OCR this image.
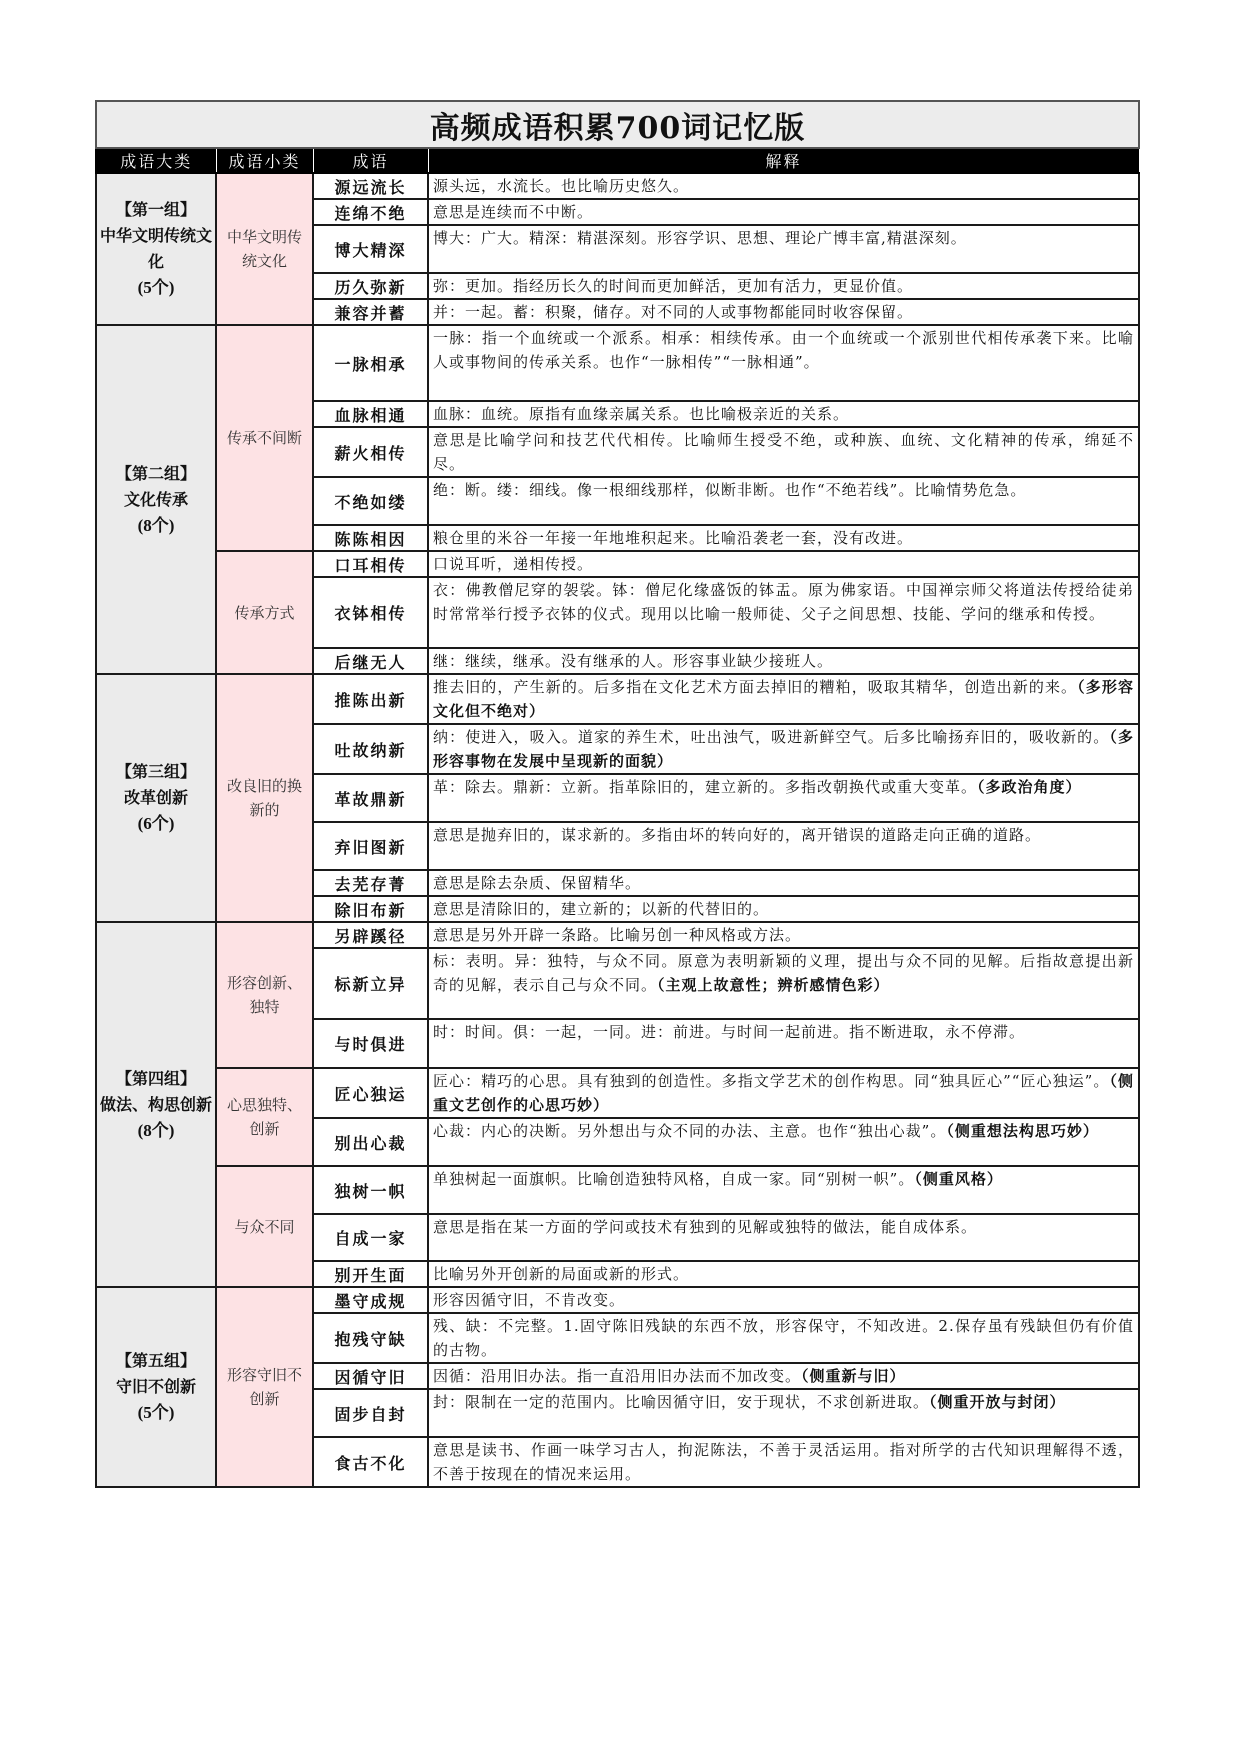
高频成语积累700词记忆版			
成语大类	成语小类	成语	解释

【第一组】
中华文明传统文化
(5个)	中华文明传统文化	源远流长	源头远，水流长。也比喻历史悠久。
		连绵不绝	意思是连续而不中断。
		博大精深	博大：广大。精深：精湛深刻。形容学识、思想、理论广博丰富,精湛深刻。
		历久弥新	弥：更加。指经历长久的时间而更加鲜活，更加有活力，更显价值。
		兼容并蓄	并：一起。蓄：积聚，储存。对不同的人或事物都能同时收容保留。

【第二组】
文化传承
(8个)	传承不间断	一脉相承	一脉：指一个血统或一个派系。相承：相续传承。由一个血统或一个派别世代相传承袭下来。比喻人或事物间的传承关系。也作“一脉相传”“一脉相通”。
		血脉相通	血脉：血统。原指有血缘亲属关系。也比喻极亲近的关系。
		薪火相传	意思是比喻学问和技艺代代相传。比喻师生授受不绝，或种族、血统、文化精神的传承，绵延不尽。
		不绝如缕	绝：断。缕：细线。像一根细线那样，似断非断。也作“不绝若线”。比喻情势危急。
		陈陈相因	粮仓里的米谷一年接一年地堆积起来。比喻沿袭老一套，没有改进。
	传承方式	口耳相传	口说耳听，递相传授。
		衣钵相传	衣：佛教僧尼穿的袈裟。钵：僧尼化缘盛饭的钵盂。原为佛家语。中国禅宗师父将道法传授给徒弟时常常举行授予衣钵的仪式。现用以比喻一般师徒、父子之间思想、技能、学问的继承和传授。
		后继无人	继：继续，继承。没有继承的人。形容事业缺少接班人。

【第三组】
改革创新
(6个)	改良旧的换新的	推陈出新	推去旧的，产生新的。后多指在文化艺术方面去掉旧的糟粕，吸取其精华，创造出新的来。（多形容文化但不绝对）
		吐故纳新	纳：使进入，吸入。道家的养生术，吐出浊气，吸进新鲜空气。后多比喻扬弃旧的，吸收新的。（多形容事物在发展中呈现新的面貌）
		革故鼎新	革：除去。鼎新：立新。指革除旧的，建立新的。多指改朝换代或重大变革。（多政治角度）
		弃旧图新	意思是抛弃旧的，谋求新的。多指由坏的转向好的，离开错误的道路走向正确的道路。
		去芜存菁	意思是除去杂质、保留精华。
		除旧布新	意思是清除旧的，建立新的；以新的代替旧的。

【第四组】
做法、构思创新
(8个)	形容创新、独特	另辟蹊径	意思是另外开辟一条路。比喻另创一种风格或方法。
		标新立异	标：表明。异：独特，与众不同。原意为表明新颖的义理，提出与众不同的见解。后指故意提出新奇的见解，表示自己与众不同。（主观上故意性；辨析感情色彩）
		与时俱进	时：时间。俱：一起，一同。进：前进。与时间一起前进。指不断进取，永不停滞。
	心思独特、创新	匠心独运	匠心：精巧的心思。具有独到的创造性。多指文学艺术的创作构思。同“独具匠心”“匠心独运”。（侧重文艺创作的心思巧妙）
		别出心裁	心裁：内心的决断。另外想出与众不同的办法、主意。也作“独出心裁”。（侧重想法构思巧妙）
	与众不同	独树一帜	单独树起一面旗帜。比喻创造独特风格，自成一家。同“别树一帜”。（侧重风格）
		自成一家	意思是指在某一方面的学问或技术有独到的见解或独特的做法，能自成体系。
		别开生面	比喻另外开创新的局面或新的形式。

【第五组】
守旧不创新
(5个)	形容守旧不创新	墨守成规	形容因循守旧，不肯改变。
		抱残守缺	残、缺：不完整。1.固守陈旧残缺的东西不放，形容保守，不知改进。2.保存虽有残缺但仍有价值的古物。
		因循守旧	因循：沿用旧办法。指一直沿用旧办法而不加改变。（侧重新与旧）
		固步自封	封：限制在一定的范围内。比喻因循守旧，安于现状，不求创新进取。（侧重开放与封闭）
		食古不化	意思是读书、作画一味学习古人，拘泥陈法，不善于灵活运用。指对所学的古代知识理解得不透，不善于按现在的情况来运用。
